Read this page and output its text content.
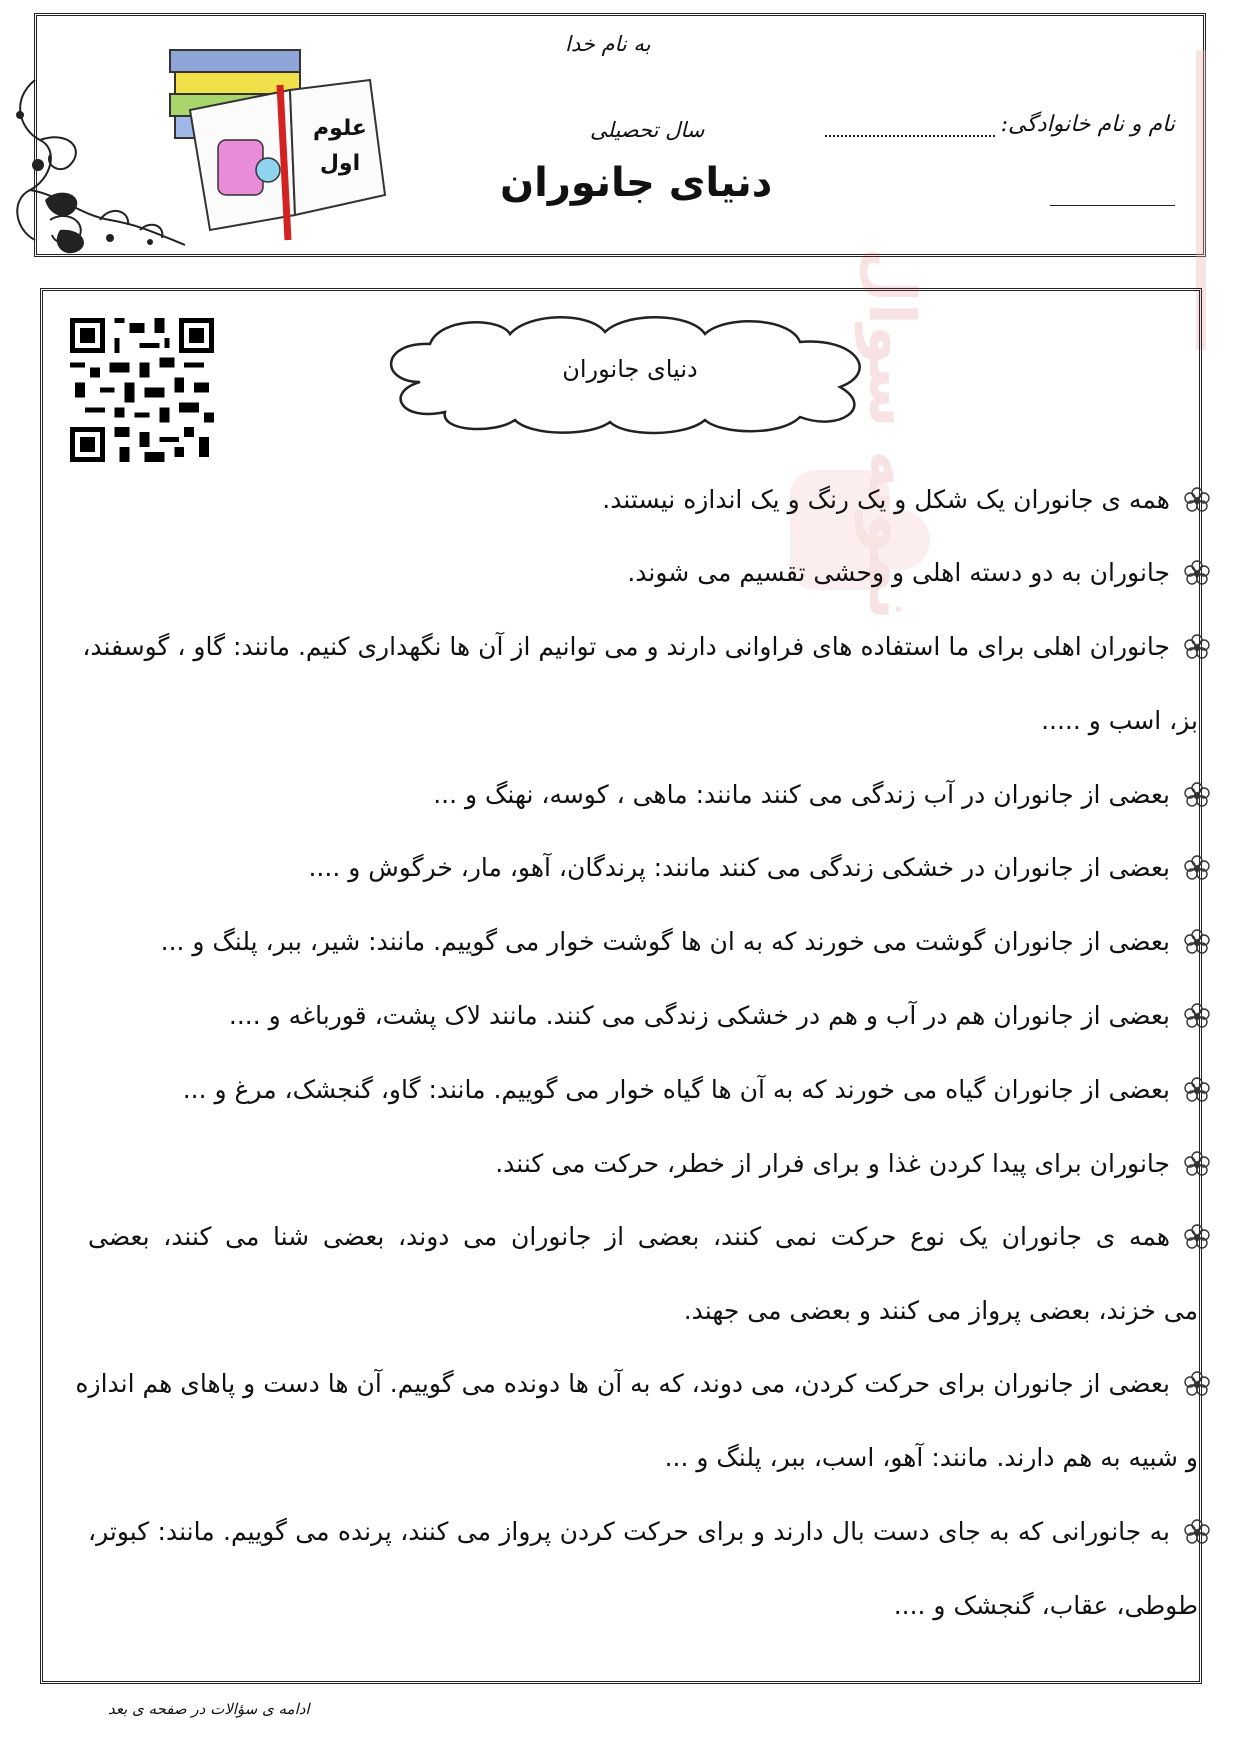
علوم
اول
به نام خدا
سال تحصیلی
دنیای جانوران
نام و نام خانوادگی:
دنیای جانوران	نمونه سوال
همه ی جانوران یک شکل و یک رنگ و یک اندازه نیستند.
جانوران به دو دسته اهلی و وحشی تقسیم می شوند.
جانوران اهلی برای ما استفاده های فراوانی دارند و می توانیم از آن ها نگهداری کنیم. مانند: گاو ، گوسفند،
بز، اسب و .....
بعضی از جانوران در آب زندگی می کنند مانند: ماهی ، کوسه، نهنگ و ...
بعضی از جانوران در خشکی زندگی می کنند مانند: پرندگان، آهو، مار، خرگوش و ....
بعضی از جانوران گوشت می خورند که به ان ها گوشت خوار می گوییم. مانند: شیر، ببر، پلنگ و ...
بعضی از جانوران هم در آب و هم در خشکی زندگی می کنند. مانند لاک پشت، قورباغه و ....
بعضی از جانوران گیاه می خورند که به آن ها گیاه خوار می گوییم. مانند: گاو، گنجشک، مرغ و ...
جانوران برای پیدا کردن غذا و برای فرار از خطر، حرکت می کنند.
همه ی جانوران یک نوع حرکت نمی کنند، بعضی از جانوران می دوند، بعضی شنا می کنند، بعضی
می خزند، بعضی پرواز می کنند و بعضی می جهند.
بعضی از جانوران برای حرکت کردن، می دوند، که به آن ها دونده می گوییم. آن ها دست و پاهای هم اندازه
و شبیه به هم دارند. مانند: آهو، اسب، ببر، پلنگ و ...
به جانورانی که به جای دست بال دارند و برای حرکت کردن پرواز می کنند، پرنده می گوییم. مانند: کبوتر،
طوطی، عقاب، گنجشک و ....
ادامه ی سؤالات در صفحه ی بعد
